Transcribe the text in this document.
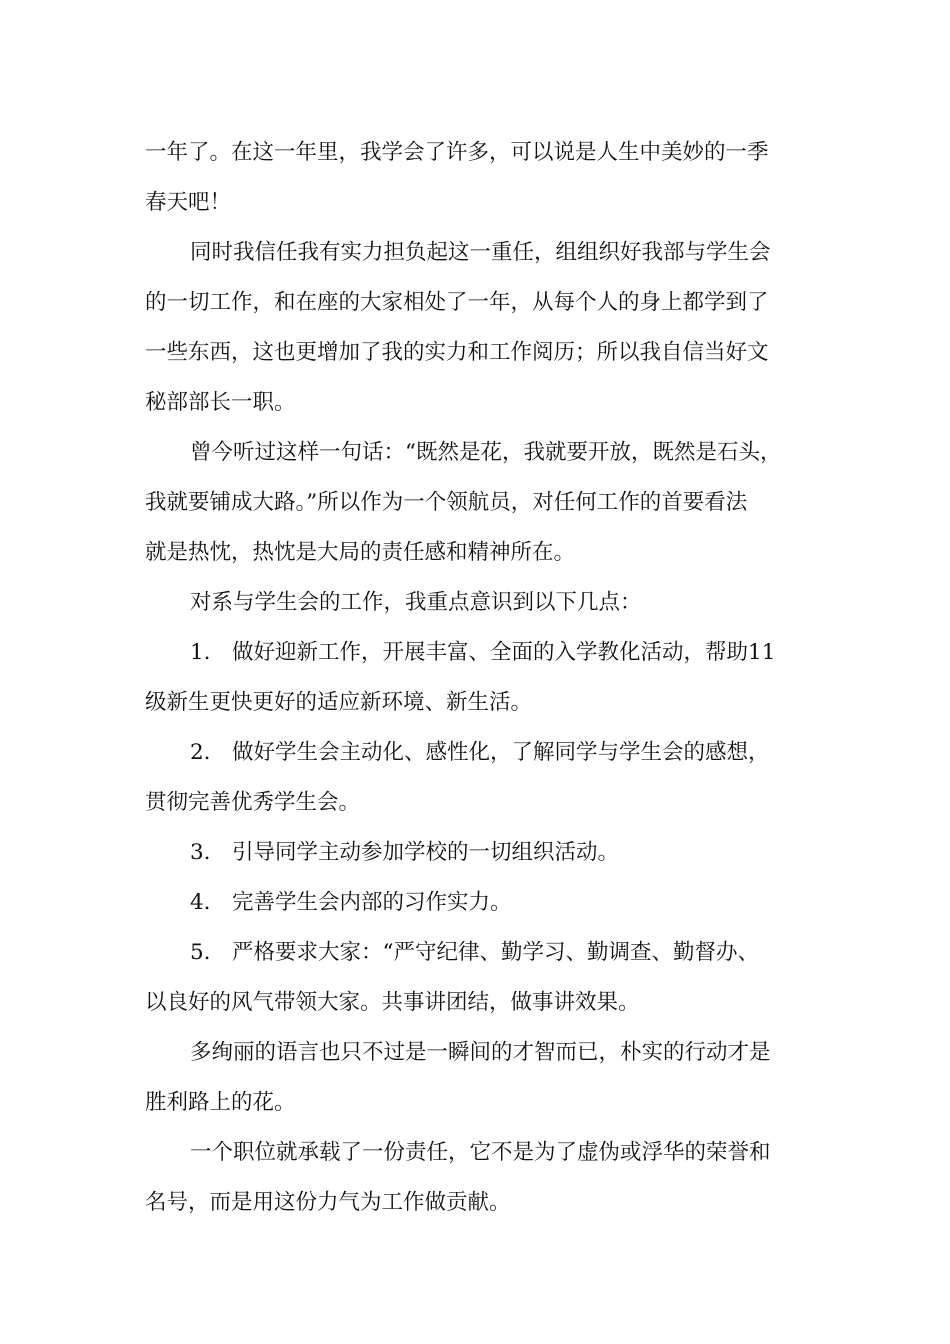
一年了。在这一年里，我学会了许多，可以说是人生中美妙的一季
春天吧！

同时我信任我有实力担负起这一重任，组组织好我部与学生会
的一切工作，和在座的大家相处了一年，从每个人的身上都学到了
一些东西，这也更增加了我的实力和工作阅历；所以我自信当好文
秘部部长一职。

曾今听过这样一句话：“既然是花，我就要开放，既然是石头，
我就要铺成大路。”所以作为一个领航员，对任何工作的首要看法
就是热忱，热忱是大局的责任感和精神所在。

对系与学生会的工作，我重点意识到以下几点：

1.　做好迎新工作，开展丰富、全面的入学教化活动，帮助11
级新生更快更好的适应新环境、新生活。

2.　做好学生会主动化、感性化，了解同学与学生会的感想，
贯彻完善优秀学生会。

3.　引导同学主动参加学校的一切组织活动。

4.　完善学生会内部的习作实力。

5.　严格要求大家：“严守纪律、勤学习、勤调查、勤督办、
以良好的风气带领大家。共事讲团结，做事讲效果。

多绚丽的语言也只不过是一瞬间的才智而已，朴实的行动才是
胜利路上的花。

一个职位就承载了一份责任，它不是为了虚伪或浮华的荣誉和
名号，而是用这份力气为工作做贡献。
